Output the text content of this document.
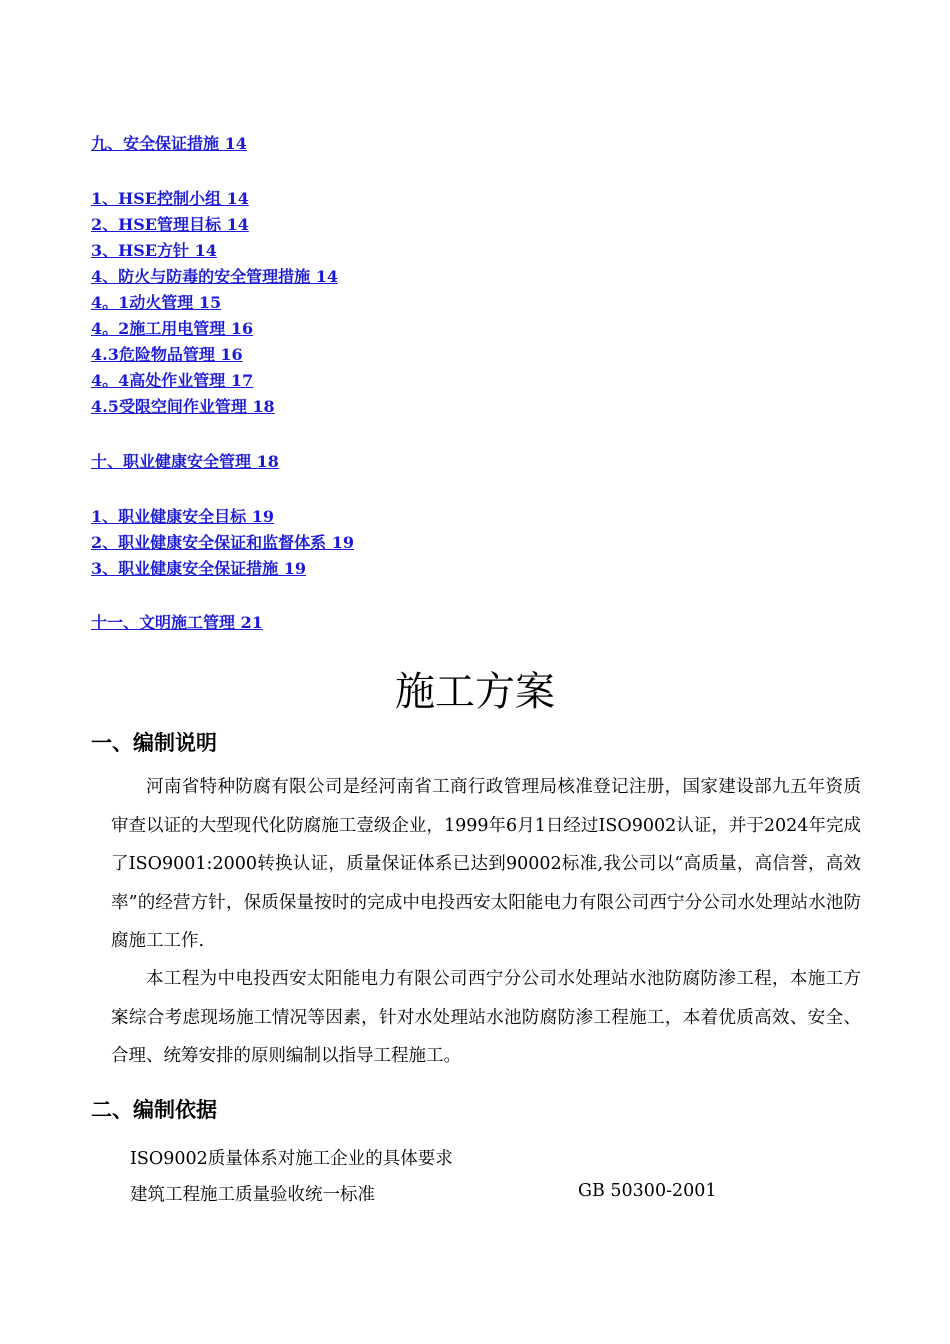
九、安全保证措施 14
1、HSE控制小组 14
2、HSE管理目标 14
3、HSE方针 14
4、防火与防毒的安全管理措施 14
4。1动火管理 15
4。2施工用电管理 16
4.3危险物品管理 16
4。4高处作业管理 17
4.5受限空间作业管理 18
十、职业健康安全管理 18
1、职业健康安全目标 19
2、职业健康安全保证和监督体系 19
3、职业健康安全保证措施 19
十一、文明施工管理 21
施工方案
一、编制说明

河南省特种防腐有限公司是经河南省工商行政管理局核准登记注册，国家建设部九五年资质审查以证的大型现代化防腐施工壹级企业，1999年6月1日经过ISO9002认证，并于2024年完成了ISO9001:2000转换认证，质量保证体系已达到90002标准,我公司以“高质量，高信誉，高效率”的经营方针，保质保量按时的完成中电投西安太阳能电力有限公司西宁分公司水处理站水池防腐施工工作.

本工程为中电投西安太阳能电力有限公司西宁分公司水处理站水池防腐防渗工程，本施工方案综合考虑现场施工情况等因素，针对水处理站水池防腐防渗工程施工，本着优质高效、安全、合理、统筹安排的原则编制以指导工程施工。

二、编制依据
ISO9002质量体系对施工企业的具体要求
建筑工程施工质量验收统一标准	GB 50300-2001
